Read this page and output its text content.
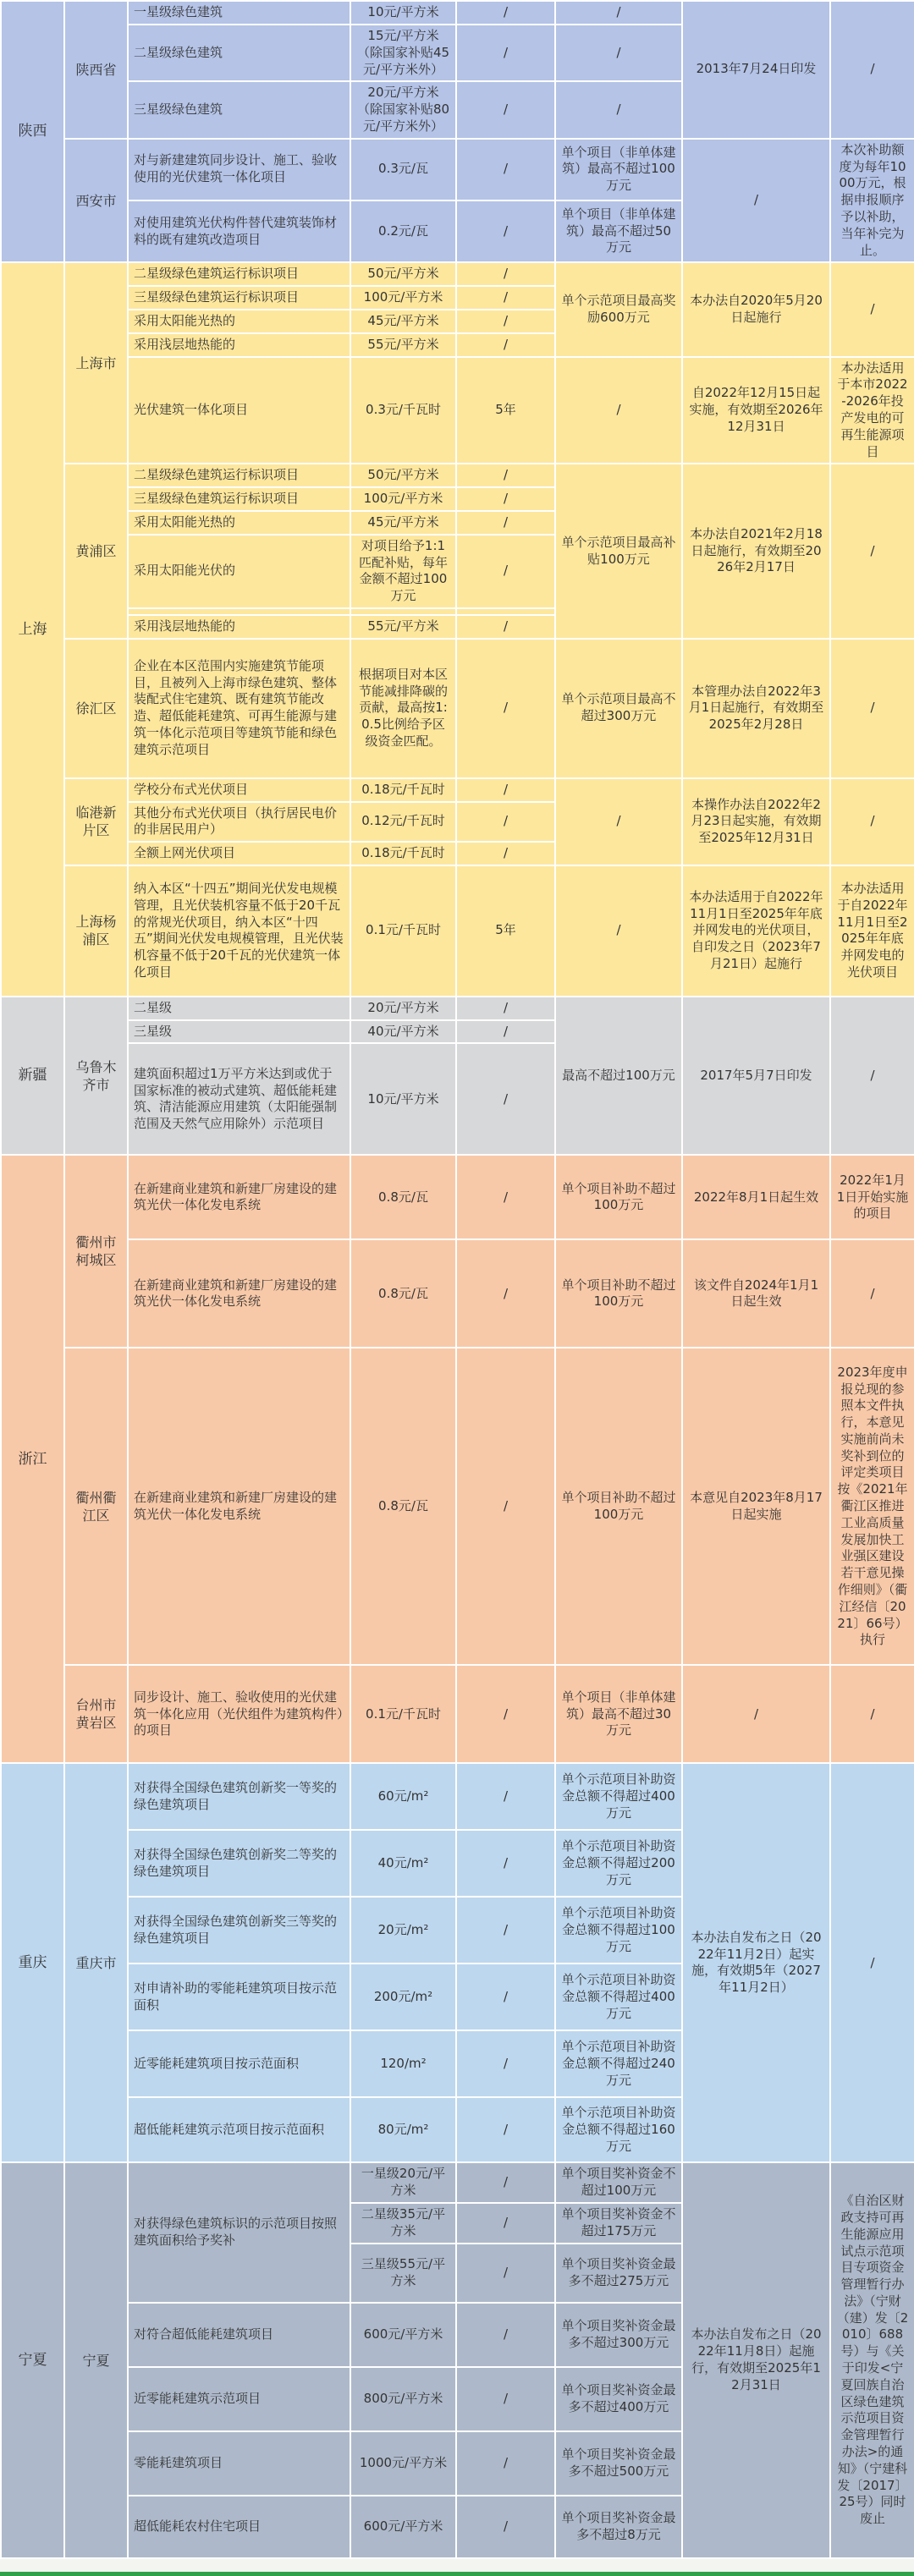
陕西	陕西省	一星级绿色建筑	10元/平方米	/	/	2013年7月24日印发	/
		二星级绿色建筑	15元/平方米（除国家补贴45元/平方米外）	/	/		
		三星级绿色建筑	20元/平方米（除国家补贴80元/平方米外）	/	/		
	西安市	对与新建建筑同步设计、施工、验收使用的光伏建筑一体化项目	0.3元/瓦	/	单个项目（非单体建筑）最高不超过100万元	/	本次补助额度为每年1000万元，根据申报顺序予以补助，当年补完为止。
		对使用建筑光伏构件替代建筑装饰材料的既有建筑改造项目	0.2元/瓦	/	单个项目（非单体建筑）最高不超过50万元		
上海	上海市	二星级绿色建筑运行标识项目	50元/平方米	/	单个示范项目最高奖励600万元	本办法自2020年5月20日起施行	/
		三星级绿色建筑运行标识项目	100元/平方米	/			
		采用太阳能光热的	45元/平方米	/			
		采用浅层地热能的	55元/平方米	/			
		光伏建筑一体化项目	0.3元/千瓦时	5年	/	自2022年12月15日起实施，有效期至2026年12月31日	本办法适用于本市2022-2026年投产发电的可再生能源项目
	黄浦区	二星级绿色建筑运行标识项目	50元/平方米	/	单个示范项目最高补贴100万元	本办法自2021年2月18日起施行，有效期至2026年2月17日	/
		三星级绿色建筑运行标识项目	100元/平方米	/			
		采用太阳能光热的	45元/平方米	/			
		采用太阳能光伏的	对项目给予1:1匹配补贴，每年金额不超过100万元	/			

		采用浅层地热能的	55元/平方米	/			
	徐汇区	企业在本区范围内实施建筑节能项目，且被列入上海市绿色建筑、整体装配式住宅建筑、既有建筑节能改造、超低能耗建筑、可再生能源与建筑一体化示范项目等建筑节能和绿色建筑示范项目	根据项目对本区节能减排降碳的贡献，最高按1:0.5比例给予区级资金匹配。	/	单个示范项目最高不超过300万元	本管理办法自2022年3月1日起施行，有效期至2025年2月28日	/
	临港新片区	学校分布式光伏项目	0.18元/千瓦时	/	/	本操作办法自2022年2月23日起实施，有效期至2025年12月31日	/
		其他分布式光伏项目（执行居民电价的非居民用户）	0.12元/千瓦时	/			
		全额上网光伏项目	0.18元/千瓦时	/			
	上海杨浦区	纳入本区“十四五”期间光伏发电规模管理，且光伏装机容量不低于20千瓦的常规光伏项目，纳入本区“十四五”期间光伏发电规模管理，且光伏装机容量不低于20千瓦的光伏建筑一体化项目	0.1元/千瓦时	5年	/	本办法适用于自2022年11月1日至2025年年底并网发电的光伏项目，自印发之日（2023年7月21日）起施行	本办法适用于自2022年11月1日至2025年年底并网发电的光伏项目
新疆	乌鲁木齐市	二星级	20元/平方米	/	最高不超过100万元	2017年5月7日印发	/
		三星级	40元/平方米	/			
		建筑面积超过1万平方米达到或优于国家标准的被动式建筑、超低能耗建筑、清洁能源应用建筑（太阳能强制范围及天然气应用除外）示范项目	10元/平方米	/			
浙江	衢州市柯城区	在新建商业建筑和新建厂房建设的建筑光伏一体化发电系统	0.8元/瓦	/	单个项目补助不超过100万元	2022年8月1日起生效	2022年1月1日开始实施的项目
		在新建商业建筑和新建厂房建设的建筑光伏一体化发电系统	0.8元/瓦	/	单个项目补助不超过100万元	该文件自2024年1月1日起生效	/
	衢州衢江区	在新建商业建筑和新建厂房建设的建筑光伏一体化发电系统	0.8元/瓦	/	单个项目补助不超过100万元	本意见自2023年8月17日起实施	2023年度申报兑现的参照本文件执行，本意见实施前尚未奖补到位的评定类项目按《2021年衢江区推进工业高质量发展加快工业强区建设若干意见操作细则》（衢江经信〔2021〕66号）执行
	台州市黄岩区	同步设计、施工、验收使用的光伏建筑一体化应用（光伏组件为建筑构件）的项目	0.1元/千瓦时	/	单个项目（非单体建筑）最高不超过30万元	/	/
重庆	重庆市	对获得全国绿色建筑创新奖一等奖的绿色建筑项目	60元/m²	/	单个示范项目补助资金总额不得超过400万元	本办法自发布之日（2022年11月2日）起实施，有效期5年（2027年11月2日）	/
		对获得全国绿色建筑创新奖二等奖的绿色建筑项目	40元/m²	/	单个示范项目补助资金总额不得超过200万元		
		对获得全国绿色建筑创新奖三等奖的绿色建筑项目	20元/m²	/	单个示范项目补助资金总额不得超过100万元		
		对申请补助的零能耗建筑项目按示范面积	200元/m²	/	单个示范项目补助资金总额不得超过400万元		
		近零能耗建筑项目按示范面积	120/m²	/	单个示范项目补助资金总额不得超过240万元		
		超低能耗建筑示范项目按示范面积	80元/m²	/	单个示范项目补助资金总额不得超过160万元		
宁夏	宁夏	对获得绿色建筑标识的示范项目按照建筑面积给予奖补	一星级20元/平方米	/	单个项目奖补资金不超过100万元	本办法自发布之日（2022年11月8日）起施行，有效期至2025年12月31日	《自治区财政支持可再生能源应用试点示范项目专项资金管理暂行办法》（宁财（建）发〔2010〕688号）与《关于印发<宁夏回族自治区绿色建筑示范项目资金管理暂行办法>的通知》（宁建科发〔2017〕25号）同时废止
			二星级35元/平方米	/	单个项目奖补资金不超过175万元		
			三星级55元/平方米	/	单个项目奖补资金最多不超过275万元		
		对符合超低能耗建筑项目	600元/平方米	/	单个项目奖补资金最多不超过300万元		
		近零能耗建筑示范项目	800元/平方米	/	单个项目奖补资金最多不超过400万元		
		零能耗建筑项目	1000元/平方米	/	单个项目奖补资金最多不超过500万元		
		超低能耗农村住宅项目	600元/平方米	/	单个项目奖补资金最多不超过8万元		
